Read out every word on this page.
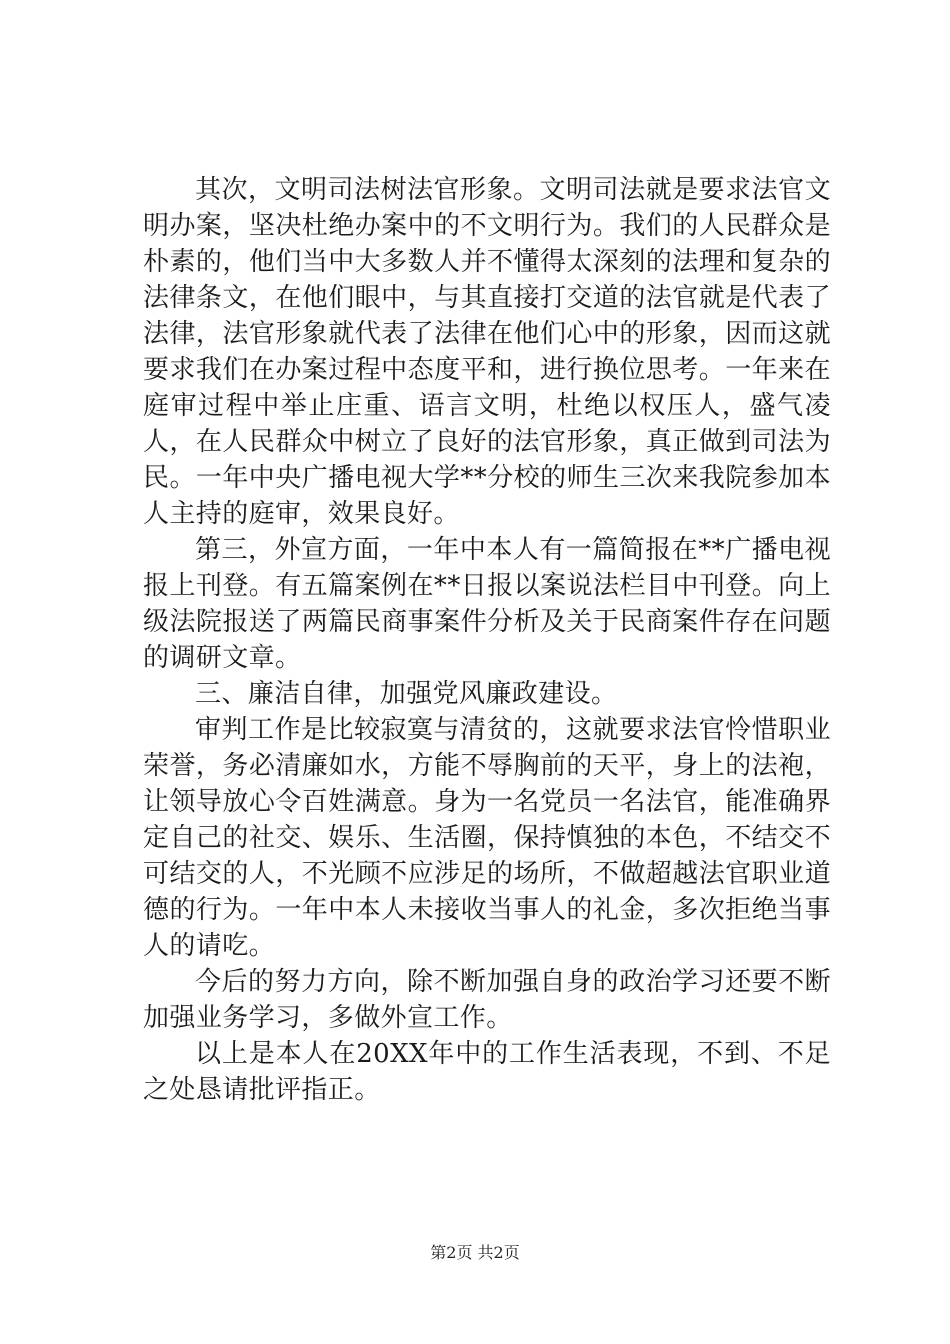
其次，文明司法树法官形象。文明司法就是要求法官文明办案，坚决杜绝办案中的不文明行为。我们的人民群众是朴素的，他们当中大多数人并不懂得太深刻的法理和复杂的法律条文，在他们眼中，与其直接打交道的法官就是代表了法律，法官形象就代表了法律在他们心中的形象，因而这就要求我们在办案过程中态度平和，进行换位思考。一年来在庭审过程中举止庄重、语言文明，杜绝以权压人，盛气凌人，在人民群众中树立了良好的法官形象，真正做到司法为民。一年中央广播电视大学**分校的师生三次来我院参加本人主持的庭审，效果良好。

第三，外宣方面，一年中本人有一篇简报在**广播电视报上刊登。有五篇案例在**日报以案说法栏目中刊登。向上级法院报送了两篇民商事案件分析及关于民商案件存在问题的调研文章。

三、廉洁自律，加强党风廉政建设。

审判工作是比较寂寞与清贫的，这就要求法官怜惜职业荣誉，务必清廉如水，方能不辱胸前的天平，身上的法袍，让领导放心令百姓满意。身为一名党员一名法官，能准确界定自己的社交、娱乐、生活圈，保持慎独的本色，不结交不可结交的人，不光顾不应涉足的场所，不做超越法官职业道德的行为。一年中本人未接收当事人的礼金，多次拒绝当事人的请吃。

今后的努力方向，除不断加强自身的政治学习还要不断加强业务学习，多做外宣工作。

以上是本人在20XX年中的工作生活表现，不到、不足之处恳请批评指正。

第2页 共2页
